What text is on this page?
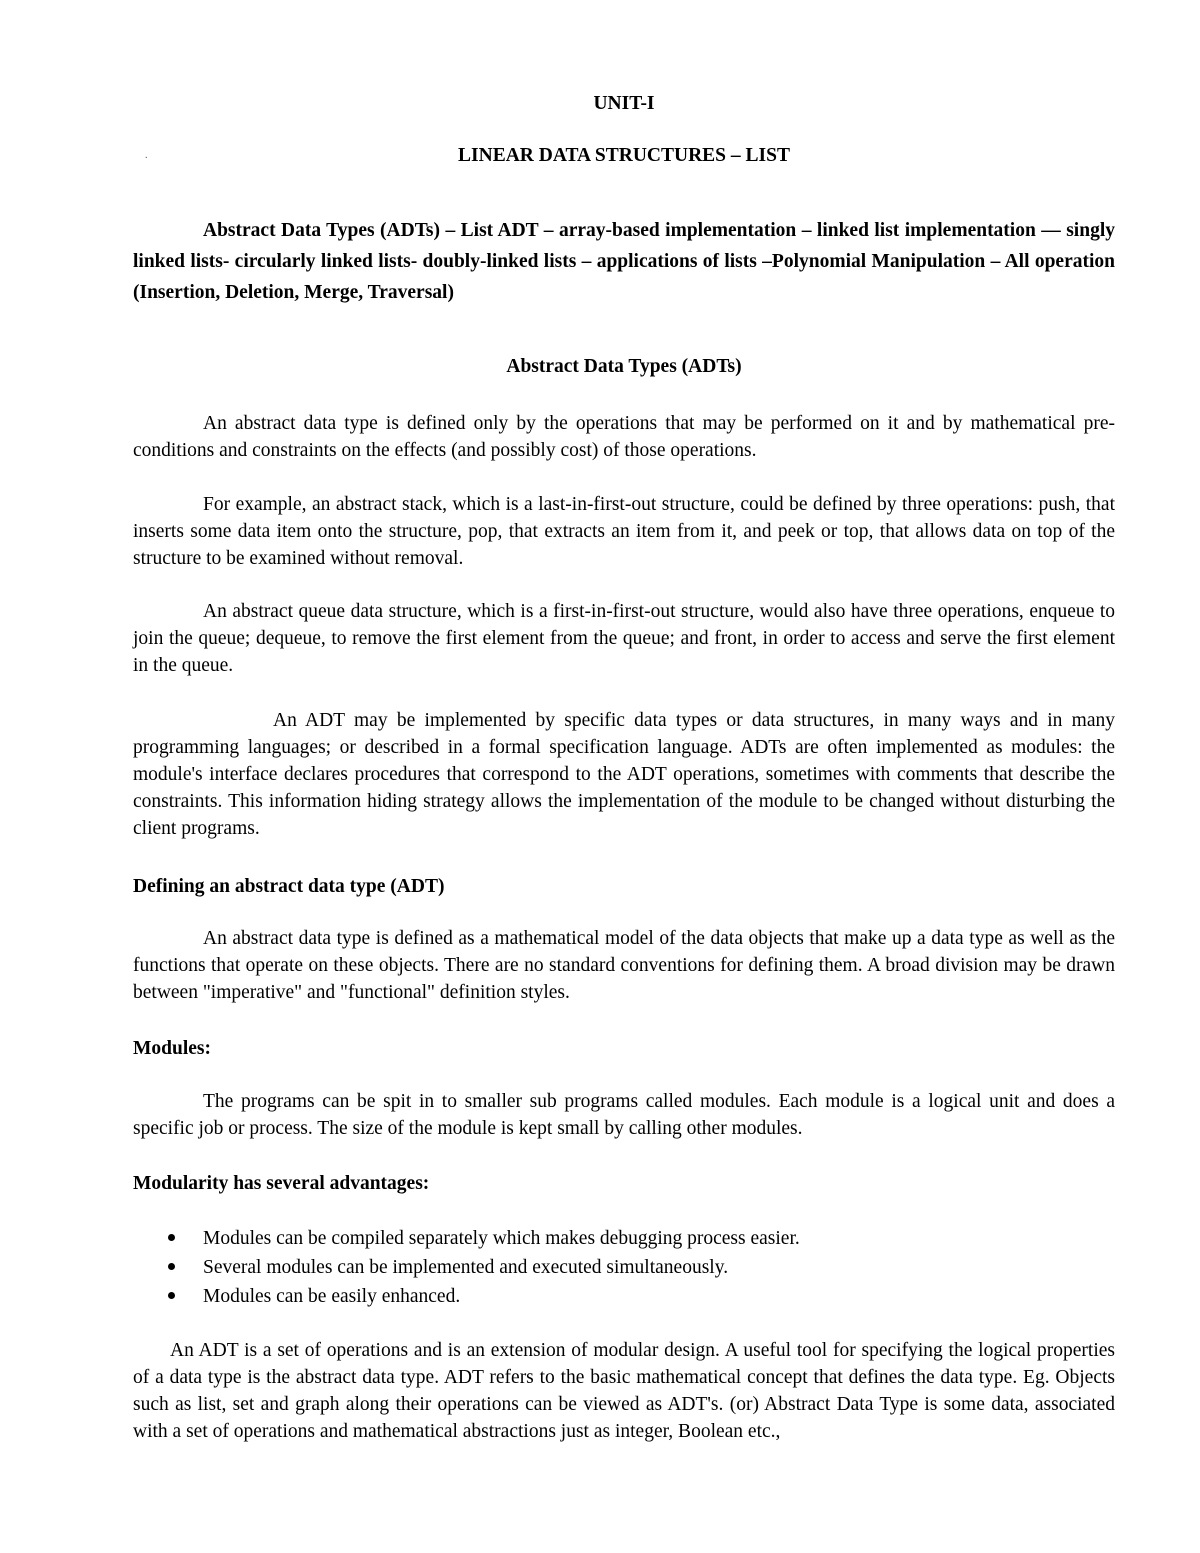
.

UNIT-I

LINEAR DATA STRUCTURES – LIST

Abstract Data Types (ADTs) – List ADT – array-based implementation – linked list implementation –– singly linked lists- circularly linked lists- doubly-linked lists – applications of lists –Polynomial Manipulation – All operation (Insertion, Deletion, Merge, Traversal)

Abstract Data Types (ADTs)

An abstract data type is defined only by the operations that may be performed on it and by mathematical pre-conditions and constraints on the effects (and possibly cost) of those operations.

For example, an abstract stack, which is a last-in-first-out structure, could be defined by three operations: push, that inserts some data item onto the structure, pop, that extracts an item from it, and peek or top, that allows data on top of the structure to be examined without removal.

An abstract queue data structure, which is a first-in-first-out structure, would also have three operations, enqueue to join the queue; dequeue, to remove the first element from the queue; and front, in order to access and serve the first element in the queue.

An ADT may be implemented by specific data types or data structures, in many ways and in many programming languages; or described in a formal specification language. ADTs are often implemented as modules: the module's interface declares procedures that correspond to the ADT operations, sometimes with comments that describe the constraints. This information hiding strategy allows the implementation of the module to be changed without disturbing the client programs.

Defining an abstract data type (ADT)

An abstract data type is defined as a mathematical model of the data objects that make up a data type as well as the functions that operate on these objects. There are no standard conventions for defining them. A broad division may be drawn between "imperative" and "functional" definition styles.

Modules:

The programs can be spit in to smaller sub programs called modules. Each module is a logical unit and does a specific job or process. The size of the module is kept small by calling other modules.

Modularity has several advantages:

Modules can be compiled separately which makes debugging process easier.
Several modules can be implemented and executed simultaneously.
Modules can be easily enhanced.

An ADT is a set of operations and is an extension of modular design. A useful tool for specifying the logical properties of a data type is the abstract data type. ADT refers to the basic mathematical concept that defines the data type. Eg. Objects such as list, set and graph along their operations can be viewed as ADT's. (or) Abstract Data Type is some data, associated with a set of operations and mathematical abstractions just as integer, Boolean etc.,
